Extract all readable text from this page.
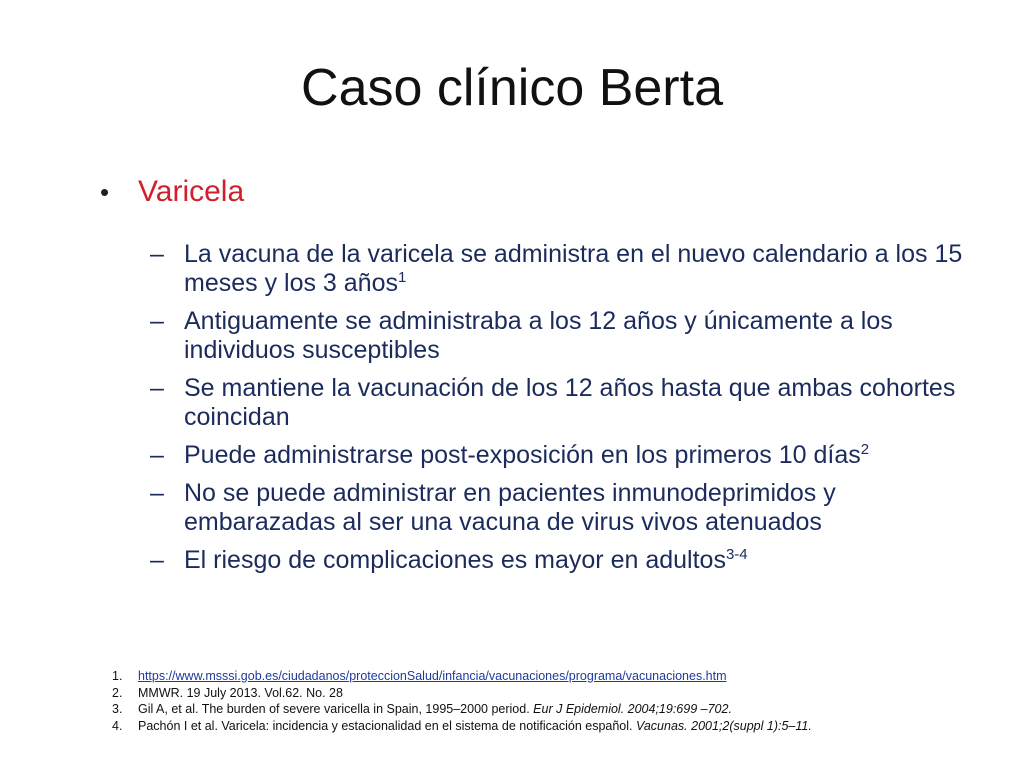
Caso clínico Berta
• Varicela
– La vacuna de la varicela se administra en el nuevo calendario a los 15 meses y los 3 años$^1$
– Antiguamente se administraba a los 12 años y únicamente a los individuos susceptibles
– Se mantiene la vacunación de los 12 años hasta que ambas cohortes coincidan
– Puede administrarse post-exposición en los primeros 10 días$^2$
– No se puede administrar en pacientes inmunodeprimidos y embarazadas al ser una vacuna de virus vivos atenuados
– El riesgo de complicaciones es mayor en adultos$^{3-4}$
1.	https://www.msssi.gob.es/ciudadanos/proteccionSalud/infancia/vacunaciones/programa/vacunaciones.htm
2.	MMWR. 19 July 2013. Vol.62. No. 28
3.	Gil A, et al. The burden of severe varicella in Spain, 1995–2000 period. Eur J Epidemiol. 2004;19:699 –702.
4.	Pachón I et al. Varicela: incidencia y estacionalidad en el sistema de notificación español. Vacunas. 2001;2(suppl 1):5–11.
